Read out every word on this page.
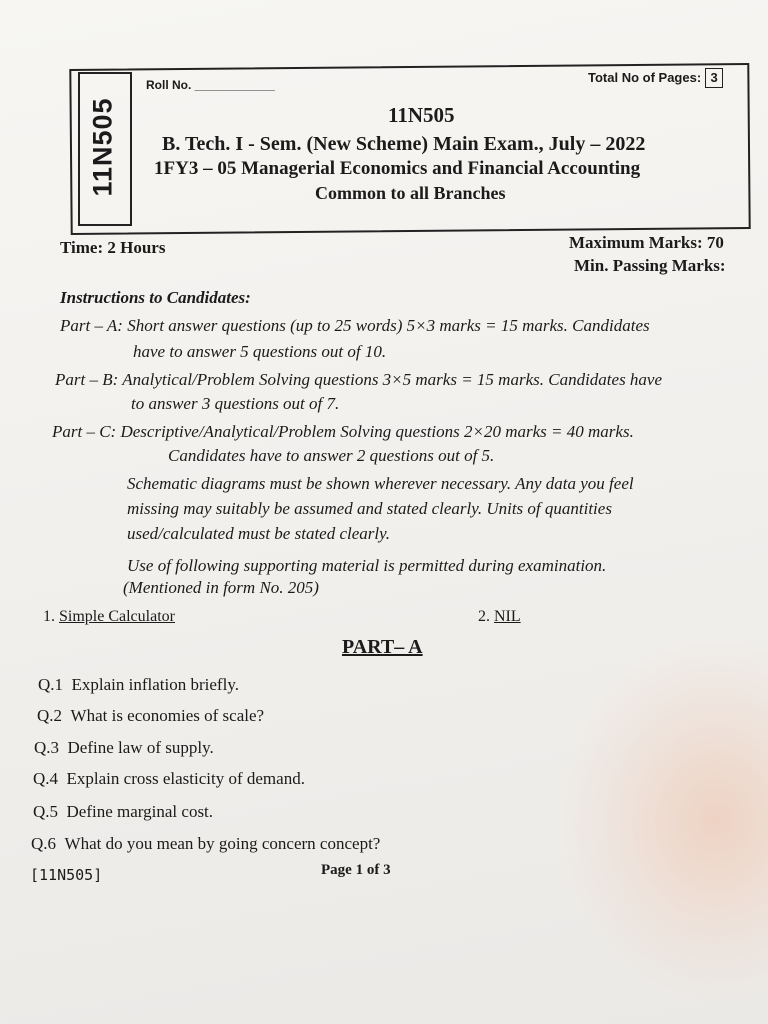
11N505
Roll No. ____________	Total No of Pages: 3
11N505
B. Tech. I - Sem. (New Scheme) Main Exam., July – 2022
1FY3 – 05 Managerial Economics and Financial Accounting
Common to all Branches
Time: 2 Hours	Maximum Marks: 70
Min. Passing Marks:
Instructions to Candidates:
Part – A: Short answer questions (up to 25 words) 5×3 marks = 15 marks. Candidates
have to answer 5 questions out of 10.
Part – B: Analytical/Problem Solving questions 3×5 marks = 15 marks. Candidates have
to answer 3 questions out of 7.
Part – C: Descriptive/Analytical/Problem Solving questions 2×20 marks = 40 marks.
Candidates have to answer 2 questions out of 5.
Schematic diagrams must be shown wherever necessary. Any data you feel
missing may suitably be assumed and stated clearly. Units of quantities
used/calculated must be stated clearly.
Use of following supporting material is permitted during examination.
(Mentioned in form No. 205)
1. Simple Calculator	2. NIL
PART– A
Q.1 Explain inflation briefly.
Q.2 What is economies of scale?
Q.3 Define law of supply.
Q.4 Explain cross elasticity of demand.
Q.5 Define marginal cost.
Q.6 What do you mean by going concern concept?
[11N505]	Page 1 of 3
